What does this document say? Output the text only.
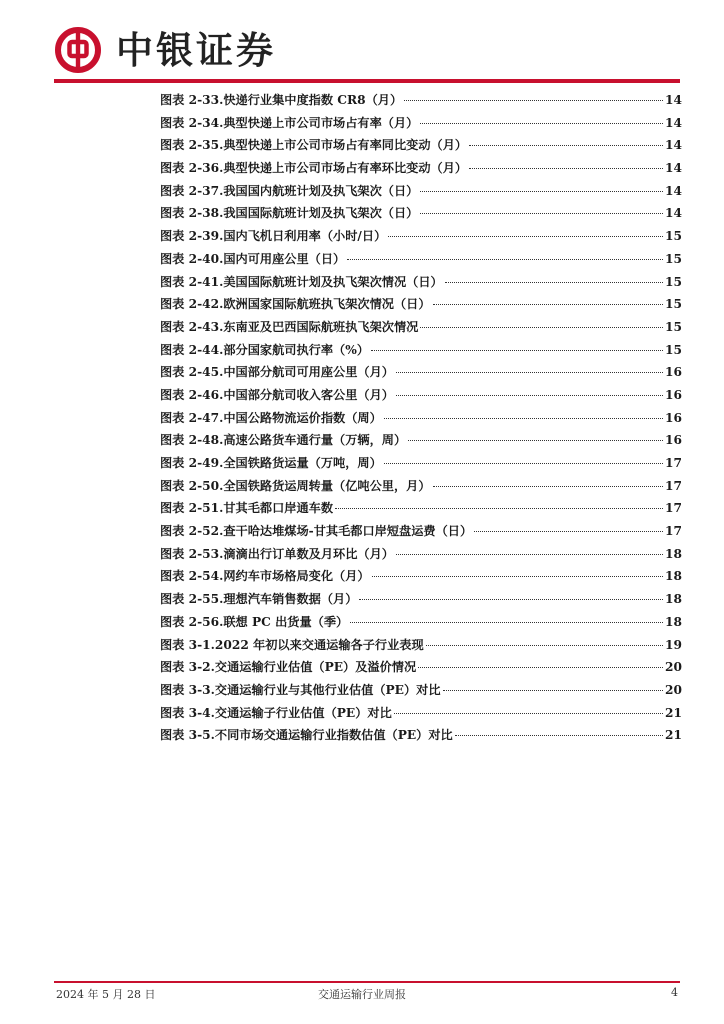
中银证券
图表 2-33. 快递行业集中度指数 CR8（月）	14
图表 2-34. 典型快递上市公司市场占有率（月）	14
图表 2-35. 典型快递上市公司市场占有率同比变动（月）	14
图表 2-36. 典型快递上市公司市场占有率环比变动（月）	14
图表 2-37. 我国国内航班计划及执飞架次（日）	14
图表 2-38. 我国国际航班计划及执飞架次（日）	14
图表 2-39. 国内飞机日利用率（小时/日）	15
图表 2-40. 国内可用座公里（日）	15
图表 2-41. 美国国际航班计划及执飞架次情况（日）	15
图表 2-42. 欧洲国家国际航班执飞架次情况（日）	15
图表 2-43. 东南亚及巴西国际航班执飞架次情况	15
图表 2-44. 部分国家航司执行率（%）	15
图表 2-45. 中国部分航司可用座公里（月）	16
图表 2-46. 中国部分航司收入客公里（月）	16
图表 2-47. 中国公路物流运价指数（周）	16
图表 2-48. 高速公路货车通行量（万辆，周）	16
图表 2-49. 全国铁路货运量（万吨，周）	17
图表 2-50. 全国铁路货运周转量（亿吨公里，月）	17
图表 2-51. 甘其毛都口岸通车数	17
图表 2-52. 查干哈达堆煤场-甘其毛都口岸短盘运费（日）	17
图表 2-53. 滴滴出行订单数及月环比（月）	18
图表 2-54. 网约车市场格局变化（月）	18
图表 2-55. 理想汽车销售数据（月）	18
图表 2-56. 联想 PC 出货量（季）	18
图表 3-1. 2022 年初以来交通运输各子行业表现	19
图表 3-2. 交通运输行业估值（PE）及溢价情况	20
图表 3-3. 交通运输行业与其他行业估值（PE）对比	20
图表 3-4. 交通运输子行业估值（PE）对比	21
图表 3-5. 不同市场交通运输行业指数估值（PE）对比	21
2024 年 5 月 28 日	交通运输行业周报	4
